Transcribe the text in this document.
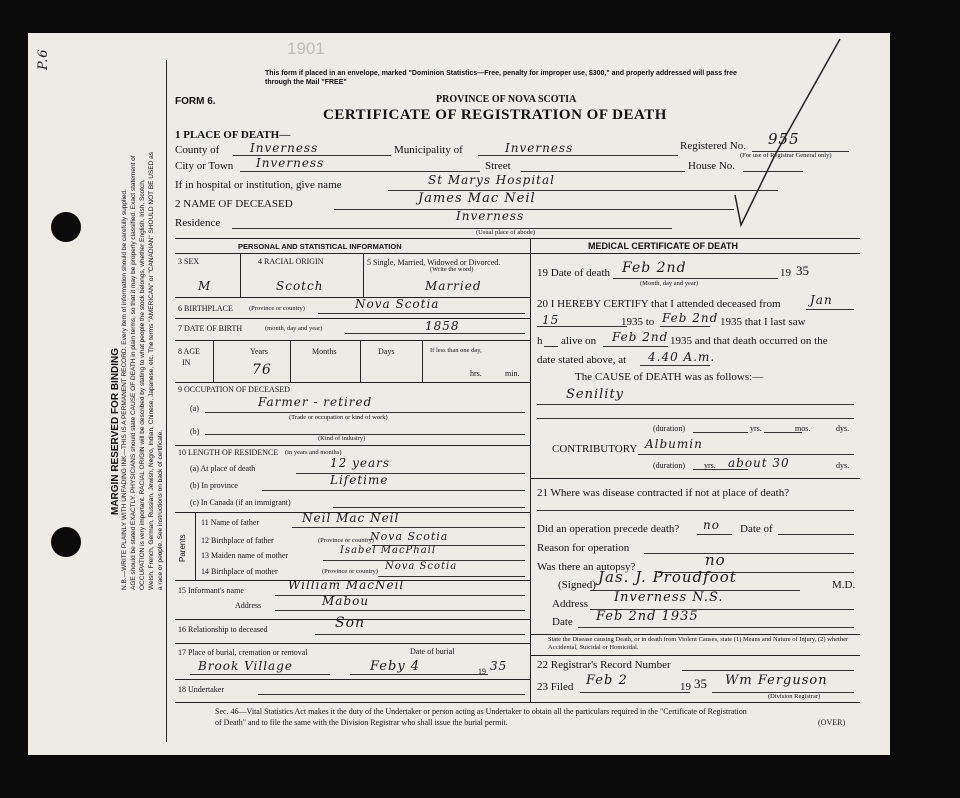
P.6	1901
MARGIN RESERVED FOR BINDING N.B.—WRITE PLAINLY WITH UNFADING INK—THIS IS A PERMANENT RECORD. Every item of information should be carefully supplied. AGE should be stated EXACTLY. PHYSICIANS should state CAUSE OF DEATH in plain terms, so that it may be properly classified. Exact statement of OCCUPATION is very important. RACIAL ORIGIN will be described by stating to what people the stock belongs, whether English, Irish, Scotch, Welsh, French, German, Russian, Jewish, Negro, Indian, Chinese, Japanese, etc. The terms "AMERICAN" or "CANADIAN" SHOULD NOT BE USED as a race or people. See instructions on back of certificate.
This form if placed in an envelope, marked "Dominion Statistics—Free, penalty for improper use, $300," and properly addressed will pass free through the Mail "FREE"
FORM 6.	PROVINCE OF NOVA SCOTIA
CERTIFICATE OF REGISTRATION OF DEATH
1 PLACE OF DEATH—
County of	Inverness	Municipality of	Inverness	Registered No. 955
(For use of Registrar General only)
City or Town Inverness	Street	House No.
If in hospital or institution, give name	St Marys Hospital
2 NAME OF DECEASED	James Mac Neil
Residence	Inverness
(Usual place of abode)
PERSONAL AND STATISTICAL INFORMATION
3 SEX	4 RACIAL ORIGIN	5 Single, Married, Widowed or Divorced.
(Write the word)
M	Scotch	Married
6 BIRTHPLACE (Province or country)	Nova Scotia
7 DATE OF BIRTH	(month, day and year)	1858
8 AGE
IN
Years	Months	Days	If less than one day,
76	hrs.	min.
9 OCCUPATION OF DECEASED
(a)	Farmer - retired
(Trade or occupation or kind of work)
(b)
(Kind of industry)
10 LENGTH OF RESIDENCE (in years and months)
(a) At place of death	12 years
(b) In province	Lifetime
(c) In Canada (if an immigrant)
Parents
11 Name of father	Neil Mac Neil
12 Birthplace of father	(Province or country)
Nova Scotia
13 Maiden name of mother	Isabel MacPhail
14 Birthplace of mother	(Province or country) Nova Scotia
15 Informant's name	William MacNeil
Address	Mabou
16 Relationship to deceased	Son
17 Place of burial, cremation or removal	Date of burial
Brook Village	Feby 4	19 35
18 Undertaker
MEDICAL CERTIFICATE OF DEATH
19 Date of death Feb 2nd	19 35
(Month, day and year)
20 I HEREBY CERTIFY that I attended deceased from Jan
15	1935 to Feb 2nd 1935 that I last saw
h alive on Feb 2nd 1935 and that death occurred on the
date stated above, at 4.40 A.m.
The CAUSE of DEATH was as follows:—
Senility
(duration)	yrs.	mos.	dys.
CONTRIBUTORY Albumin
(duration) yrs. about 30	dys.
21 Where was disease contracted if not at place of death?
Did an operation precede death? no Date of
Reason for operation
Was there an autopsy?	no
(Signed) Jas. J. Proudfoot	M.D.
Address Inverness N.S.
Date Feb 2nd 1935
State the Disease causing Death, or in death from Violent Causes, state (1) Means and Nature of Injury, (2) whether Accidental, Suicidal or Homicidal.
22 Registrar's Record Number
23 Filed Feb 2	19 35 Wm Ferguson
(Division Registrar)
Sec. 46—Vital Statistics Act makes it the duty of the Undertaker or person acting as Undertaker to obtain all the particulars required in the "Certificate of Registration
of Death" and to file the same with the Division Registrar who shall issue the burial permit.	(OVER)
